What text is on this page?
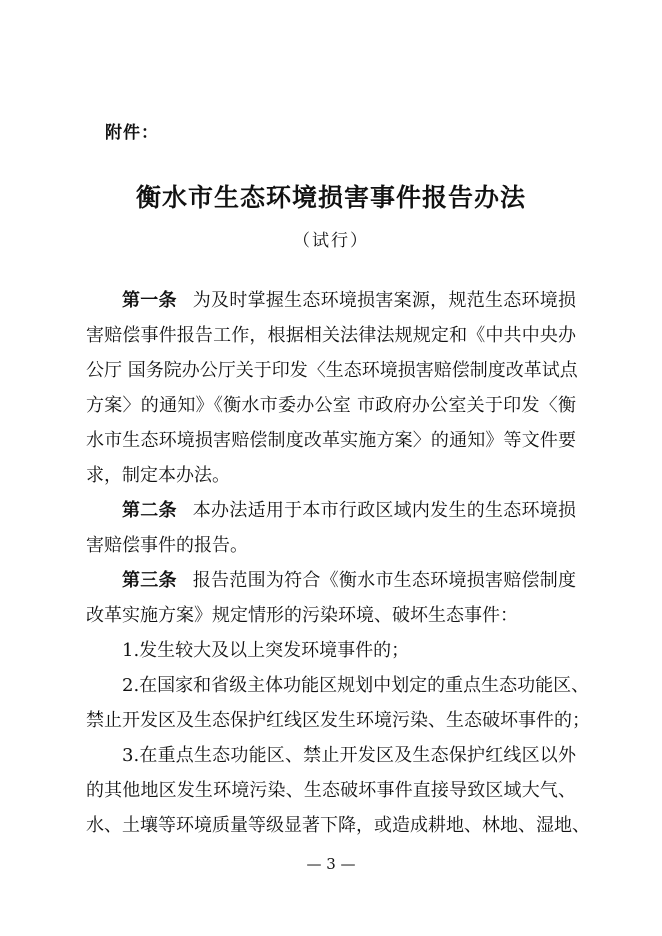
附件：
衡水市生态环境损害事件报告办法
（试行）
第一条 为及时掌握生态环境损害案源，规范生态环境损
害赔偿事件报告工作，根据相关法律法规规定和《中共中央办
公厅 国务院办公厅关于印发〈生态环境损害赔偿制度改革试点
方案〉的通知》《衡水市委办公室 市政府办公室关于印发〈衡
水市生态环境损害赔偿制度改革实施方案〉的通知》等文件要
求，制定本办法。
第二条 本办法适用于本市行政区域内发生的生态环境损
害赔偿事件的报告。
第三条 报告范围为符合《衡水市生态环境损害赔偿制度
改革实施方案》规定情形的污染环境、破坏生态事件：
1.发生较大及以上突发环境事件的；
2.在国家和省级主体功能区规划中划定的重点生态功能区、
禁止开发区及生态保护红线区发生环境污染、生态破坏事件的；
3.在重点生态功能区、禁止开发区及生态保护红线区以外
的其他地区发生环境污染、生态破坏事件直接导致区域大气、
水、土壤等环境质量等级显著下降，或造成耕地、林地、湿地、
— 3 —
